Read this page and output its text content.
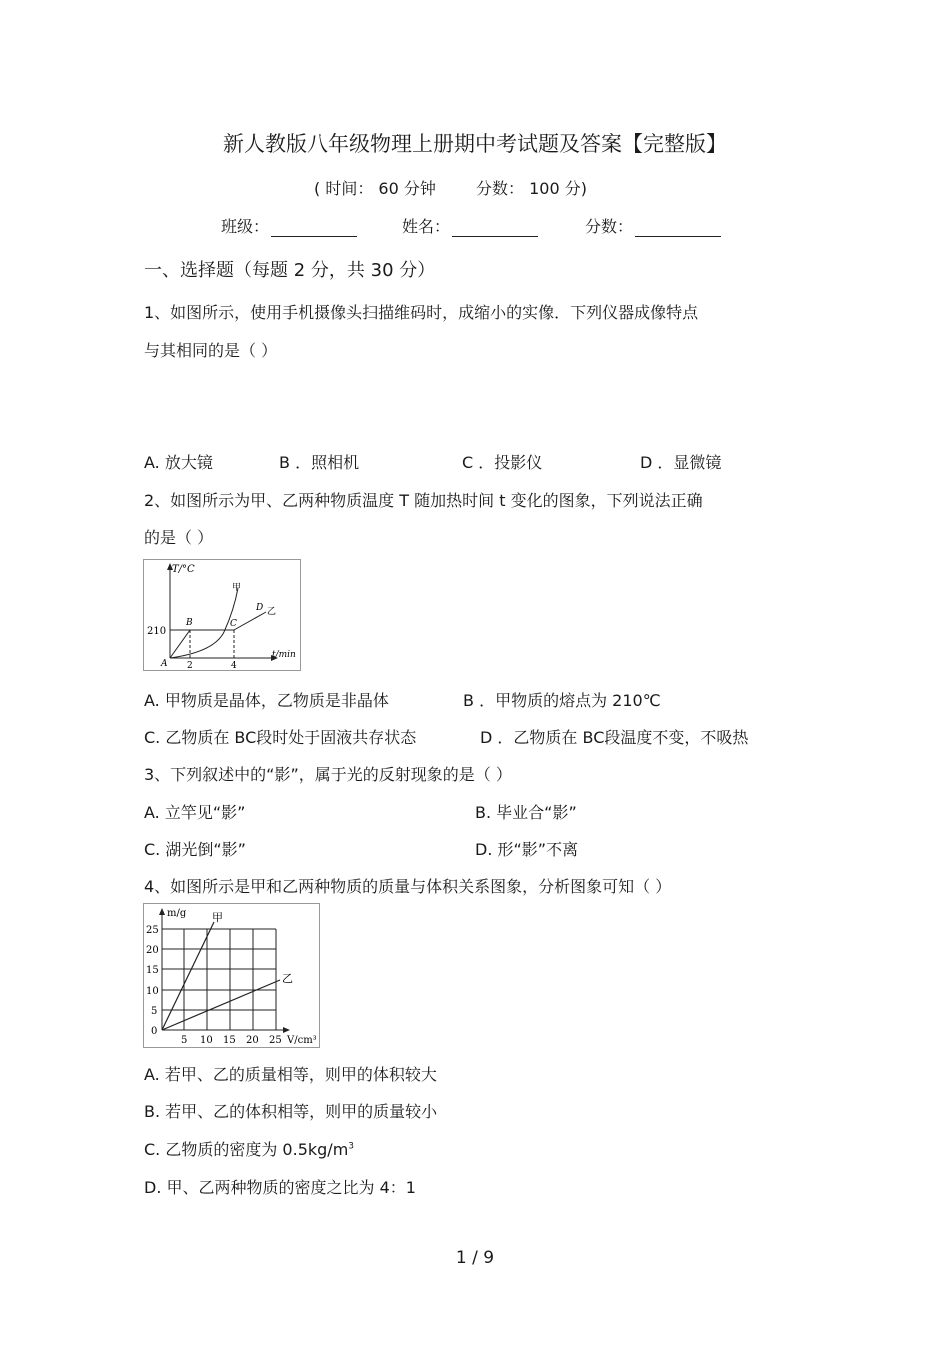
新人教版八年级物理上册期中考试题及答案【完整版】
( 时间： 60 分钟	分数： 100 分)
班级：	姓名：	分数：
一、选择题（每题 2 分，共 30 分）
1、如图所示，使用手机摄像头扫描维码时，成缩小的实像．下列仪器成像特点
与其相同的是（ ）
A. 放大镜	B ．照相机	C ．投影仪	D ．显微镜
2、如图所示为甲、乙两种物质温度 T 随加热时间 t 变化的图象，下列说法正确
的是（ ）
T/°C
t/min
210
2	4
A
B	C
D
甲
乙
A. 甲物质是晶体，乙物质是非晶体	B ．甲物质的熔点为 210℃
C. 乙物质在 BC段时处于固液共存状态	D ．乙物质在 BC段温度不变，不吸热
3、下列叙述中的“影”，属于光的反射现象的是（ ）
A. 立竿见“影”	B. 毕业合“影”
C. 湖光倒“影”	D. 形“影”不离
4、如图所示是甲和乙两种物质的质量与体积关系图象，分析图象可知（ ）
m/g
V/cm³
0
5
10
15
20
25
5 10 15 20 25
甲
乙
A. 若甲、乙的质量相等，则甲的体积较大
B. 若甲、乙的体积相等，则甲的质量较小
C. 乙物质的密度为 $0.5kg/m^3$
D. 甲、乙两种物质的密度之比为 4：1
1 / 9
